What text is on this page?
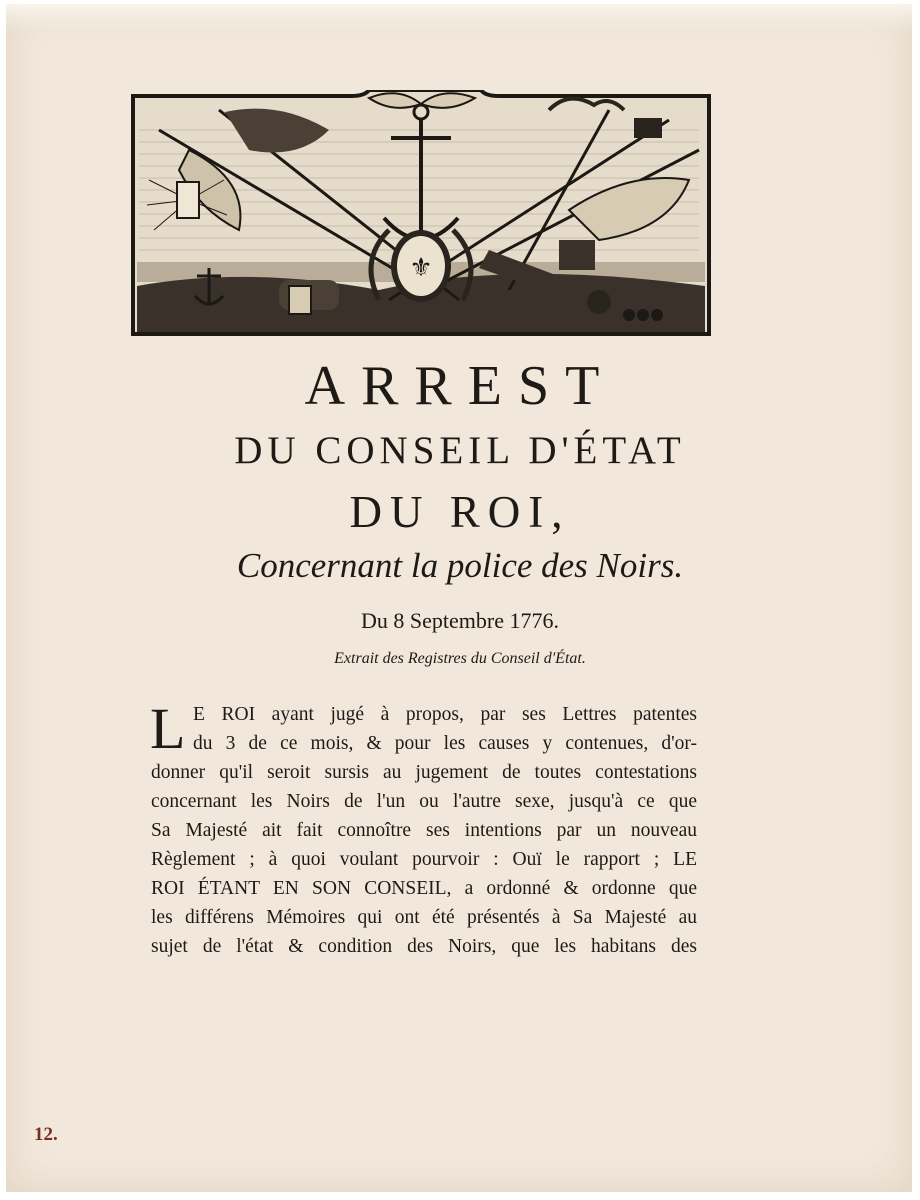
⚜
ARREST
DU CONSEIL D'ÉTAT
DU ROI,
Concernant la police des Noirs.
Du 8 Septembre 1776.
Extrait des Registres du Conseil d'État.
L E ROI ayant jugé à propos, par ses Lettres patentes
du 3 de ce mois, & pour les causes y contenues, d'or-
donner qu'il seroit sursis au jugement de toutes contestations
concernant les Noirs de l'un ou l'autre sexe, jusqu'à ce que
Sa Majesté ait fait connoître ses intentions par un nouveau
Règlement ; à quoi voulant pourvoir : Ouï le rapport ; LE
ROI ÉTANT EN SON CONSEIL, a ordonné & ordonne que
les différens Mémoires qui ont été présentés à Sa Majesté au
sujet de l'état & condition des Noirs, que les habitans des
12.
